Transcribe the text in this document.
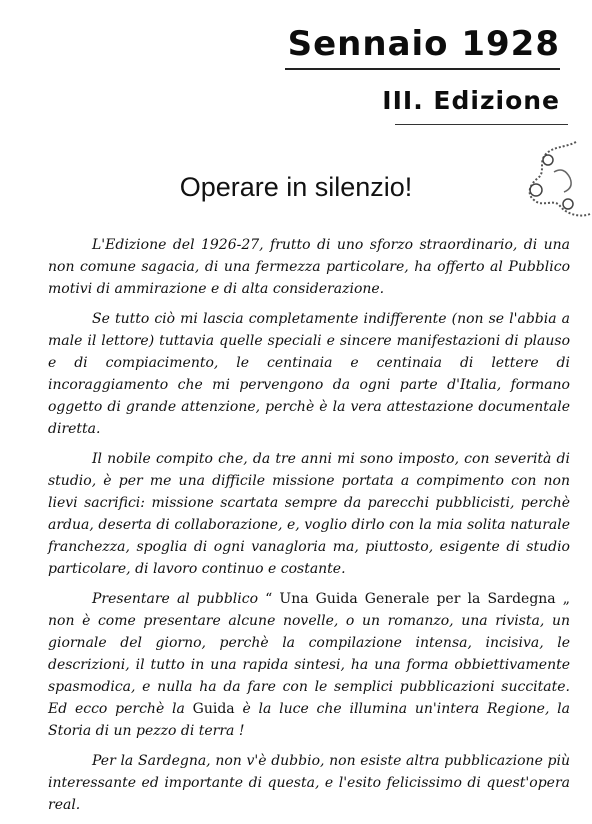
Sennaio 1928
III. Edizione
Operare in silenzio!

L'Edizione del 1926-27, frutto di uno sforzo straordinario, di una non comune sagacia, di una fermezza particolare, ha offerto al Pubblico motivi di ammirazione e di alta considerazione.

Se tutto ciò mi lascia completamente indifferente (non se l'abbia a male il lettore) tuttavia quelle speciali e sincere manifestazioni di plauso e di compiacimento, le centinaia e centinaia di lettere di incoraggiamento che mi pervengono da ogni parte d'Italia, formano oggetto di grande attenzione, perchè è la vera attestazione documentale diretta.

Il nobile compito che, da tre anni mi sono imposto, con severità di studio, è per me una difficile missione portata a compimento con non lievi sacrifici: missione scartata sempre da parecchi pubblicisti, perchè ardua, deserta di collaborazione, e, voglio dirlo con la mia solita naturale franchezza, spoglia di ogni vanagloria ma, piuttosto, esigente di studio particolare, di lavoro continuo e costante.

Presentare al pubblico “ Una Guida Generale per la Sardegna „ non è come presentare alcune novelle, o un romanzo, una rivista, un giornale del giorno, perchè la compilazione intensa, incisiva, le descrizioni, il tutto in una rapida sintesi, ha una forma obbiettivamente spasmodica, e nulla ha da fare con le semplici pubblicazioni succitate. Ed ecco perchè la Guida è la luce che illumina un'intera Regione, la Storia di un pezzo di terra !

Per la Sardegna, non v'è dubbio, non esiste altra pubblicazione più interessante ed importante di questa, e l'esito felicissimo di quest'opera real.
